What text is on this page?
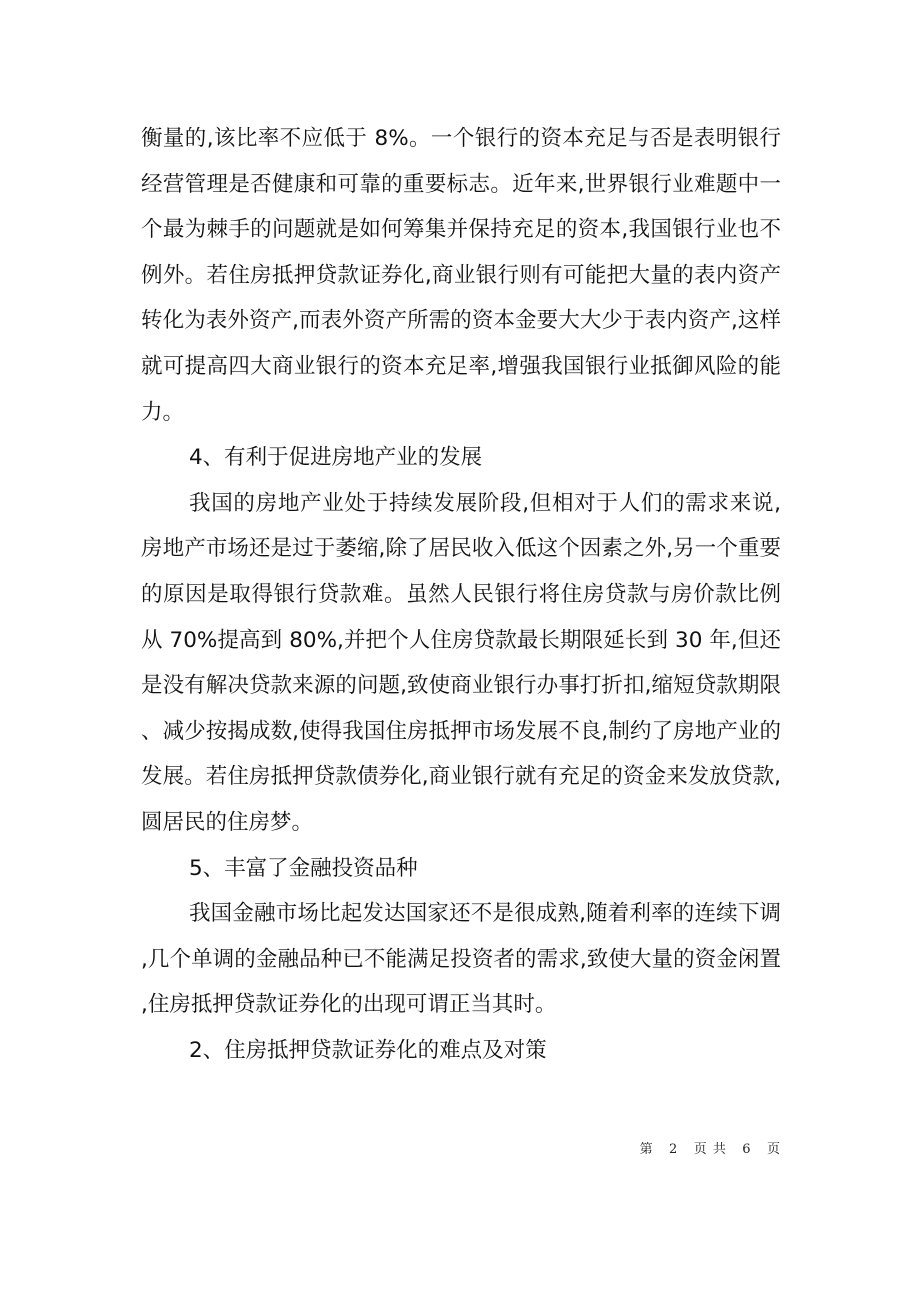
衡量的,该比率不应低于 8%。一个银行的资本充足与否是表明银行经营管理是否健康和可靠的重要标志。近年来,世界银行业难题中一个最为棘手的问题就是如何筹集并保持充足的资本,我国银行业也不例外。若住房抵押贷款证券化,商业银行则有可能把大量的表内资产转化为表外资产,而表外资产所需的资本金要大大少于表内资产,这样就可提高四大商业银行的资本充足率,增强我国银行业抵御风险的能力。

4、有利于促进房地产业的发展

我国的房地产业处于持续发展阶段,但相对于人们的需求来说,房地产市场还是过于萎缩,除了居民收入低这个因素之外,另一个重要的原因是取得银行贷款难。虽然人民银行将住房贷款与房价款比例从 70%提高到 80%,并把个人住房贷款最长期限延长到 30 年,但还是没有解决贷款来源的问题,致使商业银行办事打折扣,缩短贷款期限、减少按揭成数,使得我国住房抵押市场发展不良,制约了房地产业的发展。若住房抵押贷款债券化,商业银行就有充足的资金来发放贷款,圆居民的住房梦。

5、丰富了金融投资品种

我国金融市场比起发达国家还不是很成熟,随着利率的连续下调,几个单调的金融品种已不能满足投资者的需求,致使大量的资金闲置,住房抵押贷款证券化的出现可谓正当其时。

2、住房抵押贷款证券化的难点及对策

第 2 页 共 6 页
